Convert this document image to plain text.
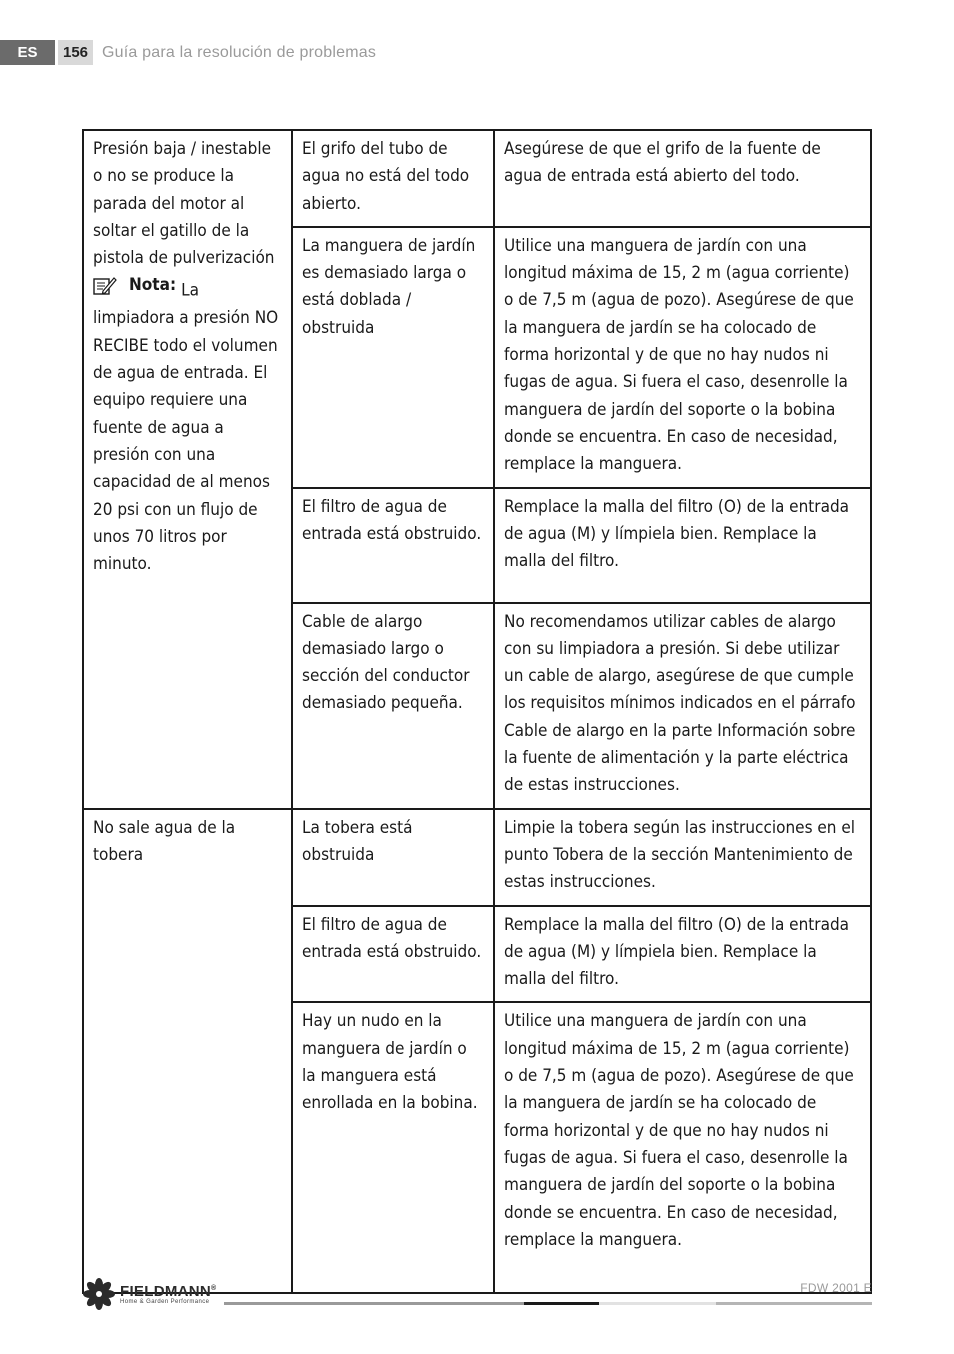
ES	156 Guía para la resolución de problemas
Presión baja / inestable o no se produce la parada del motor al soltar el gatillo de la pistola de pulverización
Nota: La limpiadora a presión NO RECIBE todo el volumen de agua de entrada. El equipo requiere una fuente de agua a presión con una capacidad de al menos 20 psi con un flujo de unos 70 litros por minuto.	El grifo del tubo de agua no está del todo abierto.	Asegúrese de que el grifo de la fuente de agua de entrada está abierto del todo.
	La manguera de jardín es demasiado larga o está doblada / obstruida	Utilice una manguera de jardín con una longitud máxima de 15, 2 m (agua corriente) o de 7,5 m (agua de pozo). Asegúrese de que la manguera de jardín se ha colocado de forma horizontal y de que no hay nudos ni fugas de agua. Si fuera el caso, desenrolle la manguera de jardín del soporte o la bobina donde se encuentra. En caso de necesidad, remplace la manguera.
	El filtro de agua de entrada está obstruido.	Remplace la malla del filtro (O) de la entrada de agua (M) y límpiela bien. Remplace la malla del filtro.
	Cable de alargo demasiado largo o sección del conductor demasiado pequeña.	No recomendamos utilizar cables de alargo con su limpiadora a presión. Si debe utilizar un cable de alargo, asegúrese de que cumple los requisitos mínimos indicados en el párrafo Cable de alargo en la parte Información sobre la fuente de alimentación y la parte eléctrica de estas instrucciones.
No sale agua de la tobera	La tobera está obstruida	Limpie la tobera según las instrucciones en el punto Tobera de la sección Mantenimiento de estas instrucciones.
	El filtro de agua de entrada está obstruido.	Remplace la malla del filtro (O) de la entrada de agua (M) y límpiela bien. Remplace la malla del filtro.
	Hay un nudo en la manguera de jardín o la manguera está enrollada en la bobina.	Utilice una manguera de jardín con una longitud máxima de 15, 2 m (agua corriente) o de 7,5 m (agua de pozo). Asegúrese de que la manguera de jardín se ha colocado de forma horizontal y de que no hay nudos ni fugas de agua. Si fuera el caso, desenrolle la manguera de jardín del soporte o la bobina donde se encuentra. En caso de necesidad, remplace la manguera.
FIELDMANN®
Home & Garden Performance
FDW 2001 E
